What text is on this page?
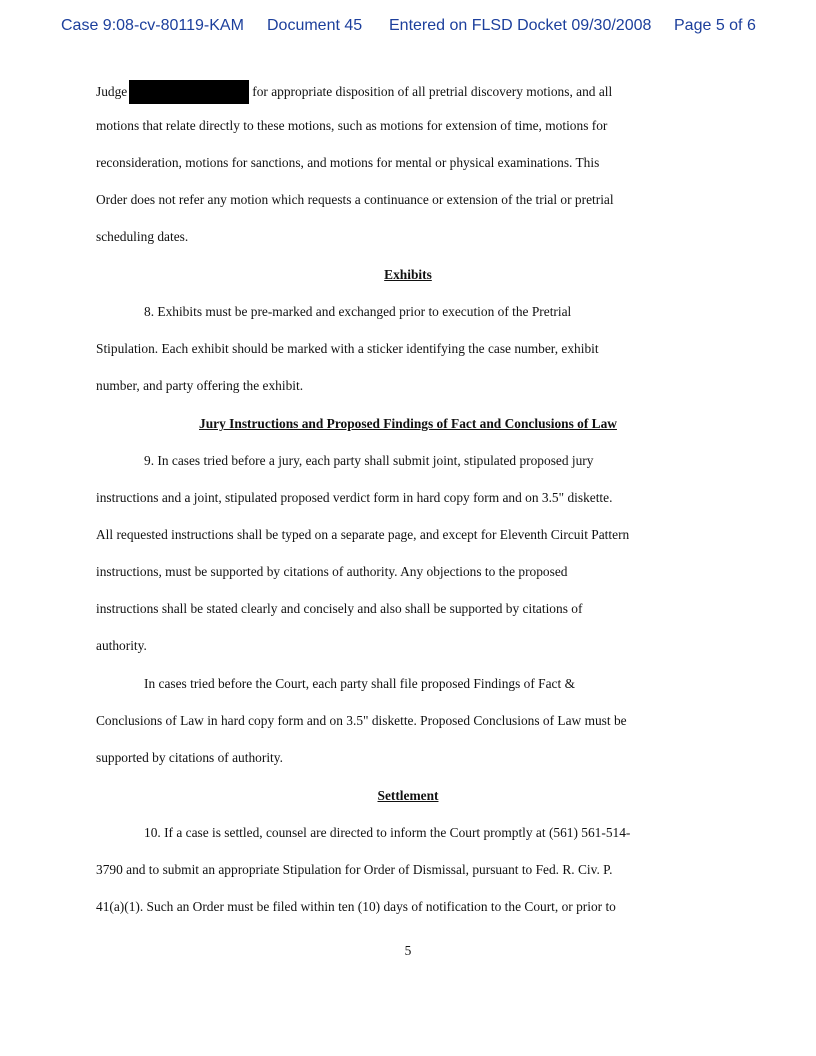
Case 9:08-cv-80119-KAM Document 45 Entered on FLSD Docket 09/30/2008 Page 5 of 6
Judge	for appropriate disposition of all pretrial discovery motions, and all
motions that relate directly to these motions, such as motions for extension of time, motions for
reconsideration, motions for sanctions, and motions for mental or physical examinations. This
Order does not refer any motion which requests a continuance or extension of the trial or pretrial
scheduling dates.
Exhibits
8. Exhibits must be pre-marked and exchanged prior to execution of the Pretrial
Stipulation. Each exhibit should be marked with a sticker identifying the case number, exhibit
number, and party offering the exhibit.
Jury Instructions and Proposed Findings of Fact and Conclusions of Law
9. In cases tried before a jury, each party shall submit joint, stipulated proposed jury
instructions and a joint, stipulated proposed verdict form in hard copy form and on 3.5" diskette.
All requested instructions shall be typed on a separate page, and except for Eleventh Circuit Pattern
instructions, must be supported by citations of authority. Any objections to the proposed
instructions shall be stated clearly and concisely and also shall be supported by citations of
authority.
In cases tried before the Court, each party shall file proposed Findings of Fact &
Conclusions of Law in hard copy form and on 3.5" diskette. Proposed Conclusions of Law must be
supported by citations of authority.
Settlement
10. If a case is settled, counsel are directed to inform the Court promptly at (561) 561-514-
3790 and to submit an appropriate Stipulation for Order of Dismissal, pursuant to Fed. R. Civ. P.
41(a)(1). Such an Order must be filed within ten (10) days of notification to the Court, or prior to
5
